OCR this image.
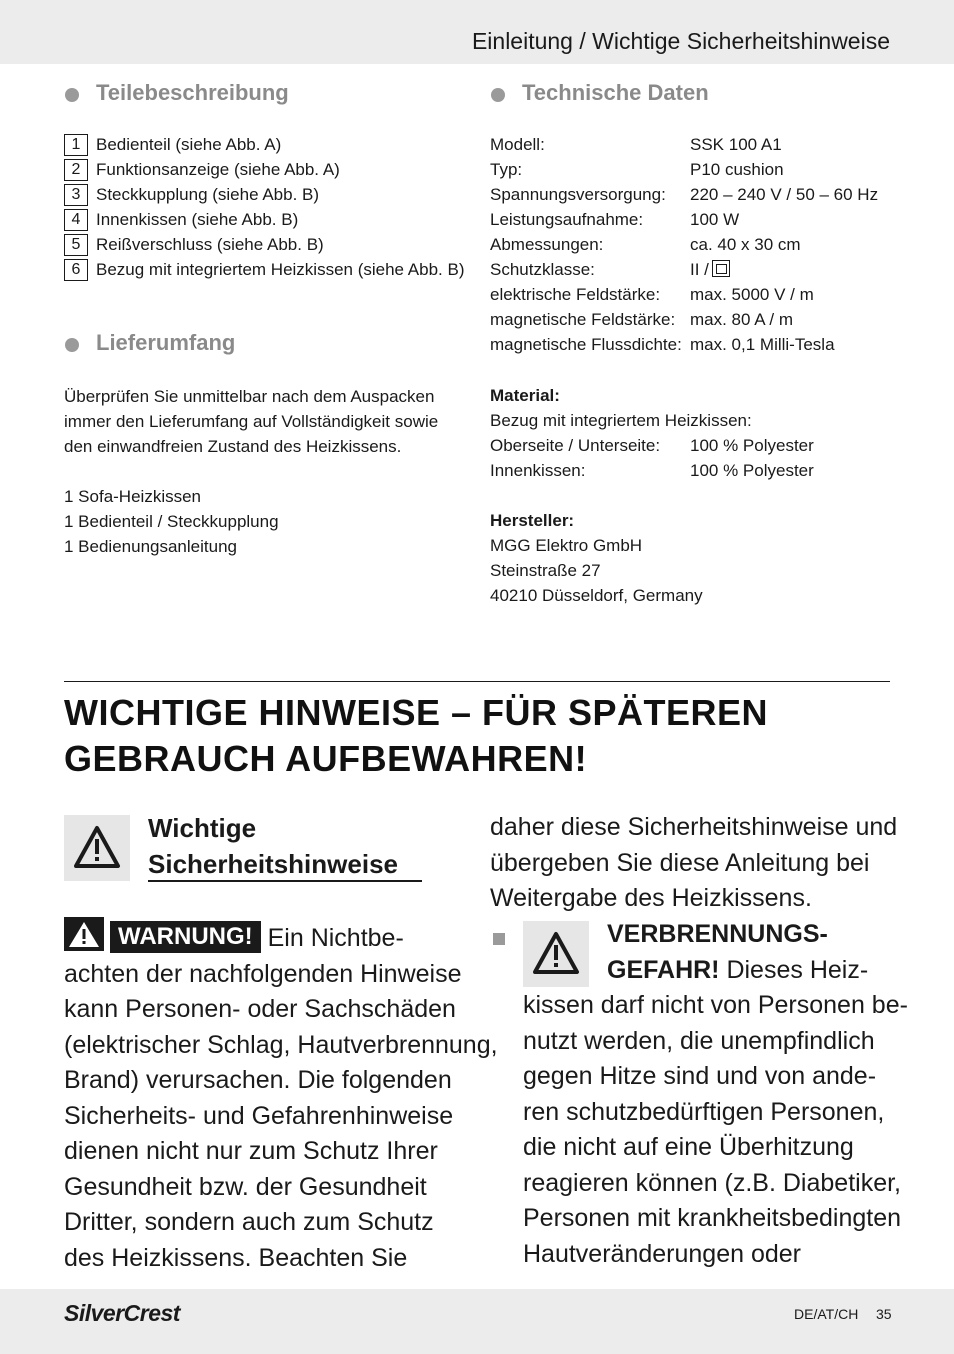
Einleitung / Wichtige Sicherheitshinweise
Teilebeschreibung
1 Bedienteil (siehe Abb. A)
2 Funktionsanzeige (siehe Abb. A)
3 Steckkupplung (siehe Abb. B)
4 Innenkissen (siehe Abb. B)
5 Reißverschluss (siehe Abb. B)
6 Bezug mit integriertem Heizkissen (siehe Abb. B)
Lieferumfang
Überprüfen Sie unmittelbar nach dem Auspacken
immer den Lieferumfang auf Vollständigkeit sowie
den einwandfreien Zustand des Heizkissens.
1 Sofa-Heizkissen
1 Bedienteil / Steckkupplung
1 Bedienungsanleitung
Technische Daten
Modell:	SSK 100 A1
Typ:	P10 cushion
Spannungsversorgung: 220 – 240 V / 50 – 60 Hz
Leistungsaufnahme:	100 W
Abmessungen:	ca. 40 x 30 cm
Schutzklasse:	II /
elektrische Feldstärke: max. 5000 V / m
magnetische Feldstärke: max. 80 A / m
magnetische Flussdichte: max. 0,1 Milli-Tesla
Material:
Bezug mit integriertem Heizkissen:
Oberseite / Unterseite: 100 % Polyester
Innenkissen:	100 % Polyester
Hersteller:
MGG Elektro GmbH
Steinstraße 27
40210 Düsseldorf, Germany
WICHTIGE HINWEISE – FÜR SPÄTEREN
GEBRAUCH AUFBEWAHREN!
Wichtige
Sicherheitshinweise
WARNUNG! Ein Nichtbe-
achten der nachfolgenden Hinweise
kann Personen- oder Sachschäden
(elektrischer Schlag, Hautverbrennung,
Brand) verursachen. Die folgenden
Sicherheits- und Gefahrenhinweise
dienen nicht nur zum Schutz Ihrer
Gesundheit bzw. der Gesundheit
Dritter, sondern auch zum Schutz
des Heizkissens. Beachten Sie
daher diese Sicherheitshinweise und
übergeben Sie diese Anleitung bei
Weitergabe des Heizkissens.
VERBRENNUNGS-
GEFAHR! Dieses Heiz-
kissen darf nicht von Personen be-
nutzt werden, die unempfindlich
gegen Hitze sind und von ande-
ren schutzbedürftigen Personen,
die nicht auf eine Überhitzung
reagieren können (z.B. Diabetiker,
Personen mit krankheitsbedingten
Hautveränderungen oder
SilverCrest	DE/AT/CH 35
